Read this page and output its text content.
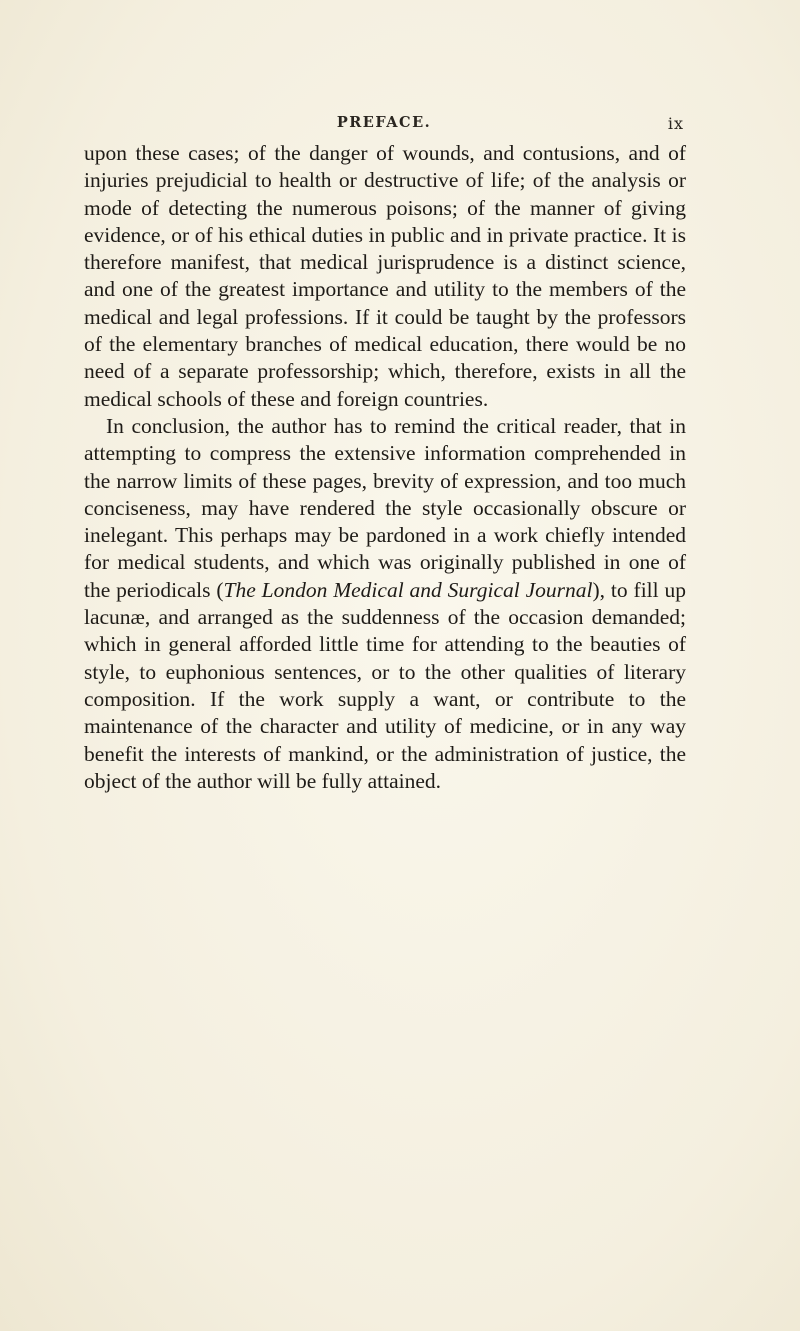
PREFACE.	ix

upon these cases; of the danger of wounds, and contusions, and of injuries prejudicial to health or destructive of life; of the analysis or mode of detecting the numerous poisons; of the manner of giving evidence, or of his ethical duties in public and in private practice. It is therefore manifest, that medical jurisprudence is a distinct science, and one of the greatest importance and utility to the members of the medical and legal professions. If it could be taught by the professors of the elementary branches of medical education, there would be no need of a separate professorship; which, therefore, exists in all the medical schools of these and foreign countries.

In conclusion, the author has to remind the critical reader, that in attempting to compress the extensive information comprehended in the narrow limits of these pages, brevity of expression, and too much conciseness, may have rendered the style occasionally obscure or inelegant. This perhaps may be pardoned in a work chiefly intended for medical students, and which was originally published in one of the periodicals (The London Medical and Surgical Journal), to fill up lacunæ, and arranged as the suddenness of the occasion demanded; which in general afforded little time for attending to the beauties of style, to euphonious sentences, or to the other qualities of literary composition. If the work supply a want, or contribute to the maintenance of the character and utility of medicine, or in any way benefit the interests of mankind, or the administration of justice, the object of the author will be fully attained.
